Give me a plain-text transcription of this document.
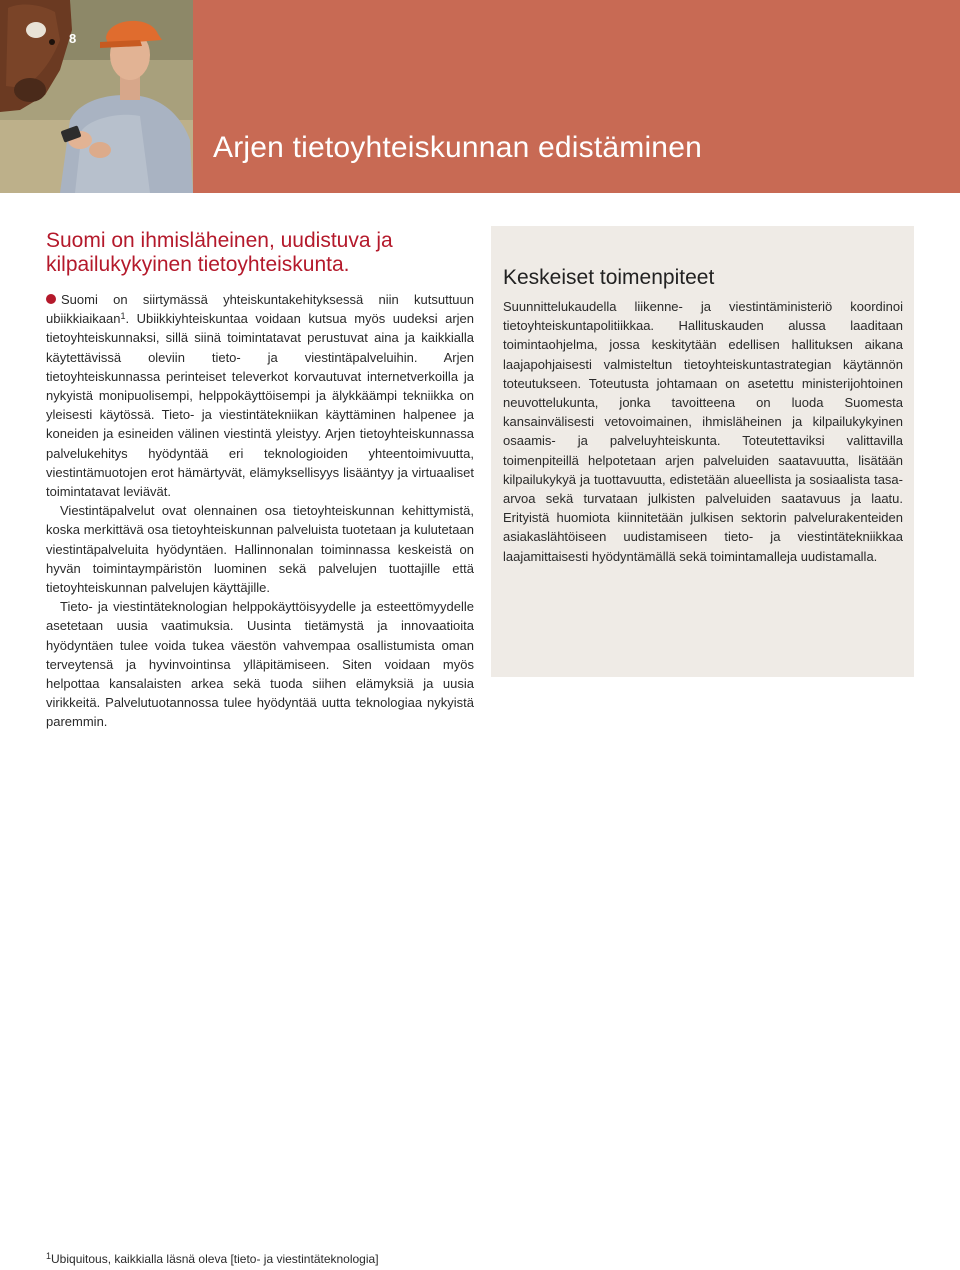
8
Arjen tietoyhteiskunnan edistäminen
Suomi on ihmisläheinen, uudistuva ja kilpailukykyinen tietoyhteiskunta.

Suomi on siirtymässä yhteiskuntakehityksessä niin kutsuttuun ubiikkiaikaan$^1$. Ubiikkiyhteiskuntaa voidaan kutsua myös uudeksi arjen tietoyhteiskunnaksi, sillä siinä toimintatavat perustuvat aina ja kaikkialla käytettävissä oleviin tieto- ja viestintäpalveluihin. Arjen tietoyhteiskunnassa perinteiset televerkot korvautuvat internetverkoilla ja nykyistä monipuolisempi, helppokäyttöisempi ja älykkäämpi tekniikka on yleisesti käytössä. Tieto- ja viestintätekniikan käyttäminen halpenee ja koneiden ja esineiden välinen viestintä yleistyy. Arjen tietoyhteiskunnassa palvelukehitys hyödyntää eri teknologioiden yhteentoimivuutta, viestintämuotojen erot hämärtyvät, elämyksellisyys lisääntyy ja virtuaaliset toimintatavat leviävät.

Viestintäpalvelut ovat olennainen osa tietoyhteiskunnan kehittymistä, koska merkittävä osa tietoyhteiskunnan palveluista tuotetaan ja kulutetaan viestintäpalveluita hyödyntäen. Hallinnonalan toiminnassa keskeistä on hyvän toimintaympäristön luominen sekä palvelujen tuottajille että tietoyhteiskunnan palvelujen käyttäjille.

Tieto- ja viestintäteknologian helppokäyttöisyydelle ja esteettömyydelle asetetaan uusia vaatimuksia. Uusinta tietämystä ja innovaatioita hyödyntäen tulee voida tukea väestön vahvempaa osallistumista oman terveytensä ja hyvinvointinsa ylläpitämiseen. Siten voidaan myös helpottaa kansalaisten arkea sekä tuoda siihen elämyksiä ja uusia virikkeitä. Palvelutuotannossa tulee hyödyntää uutta teknologiaa nykyistä paremmin.

Keskeiset toimenpiteet

Suunnittelukaudella liikenne- ja viestintäministeriö koordinoi tietoyhteiskuntapolitiikkaa. Hallituskauden alussa laaditaan toimintaohjelma, jossa keskitytään edellisen hallituksen aikana laajapohjaisesti valmisteltun tietoyhteiskuntastrategian käytännön toteutukseen. Toteutusta johtamaan on asetettu ministerijohtoinen neuvottelukunta, jonka tavoitteena on luoda Suomesta kansainvälisesti vetovoimainen, ihmisläheinen ja kilpailukykyinen osaamis- ja palveluyhteiskunta. Toteutettaviksi valittavilla toimenpiteillä helpotetaan arjen palveluiden saatavuutta, lisätään kilpailukykyä ja tuottavuutta, edistetään alueellista ja sosiaalista tasa-arvoa sekä turvataan julkisten palveluiden saatavuus ja laatu. Erityistä huomiota kiinnitetään julkisen sektorin palvelurakenteiden asiakaslähtöiseen uudistamiseen tieto- ja viestintätekniikkaa laajamittaisesti hyödyntämällä sekä toimintamalleja uudistamalla.

$^1$Ubiquitous, kaikkialla läsnä oleva [tieto- ja viestintäteknologia]
